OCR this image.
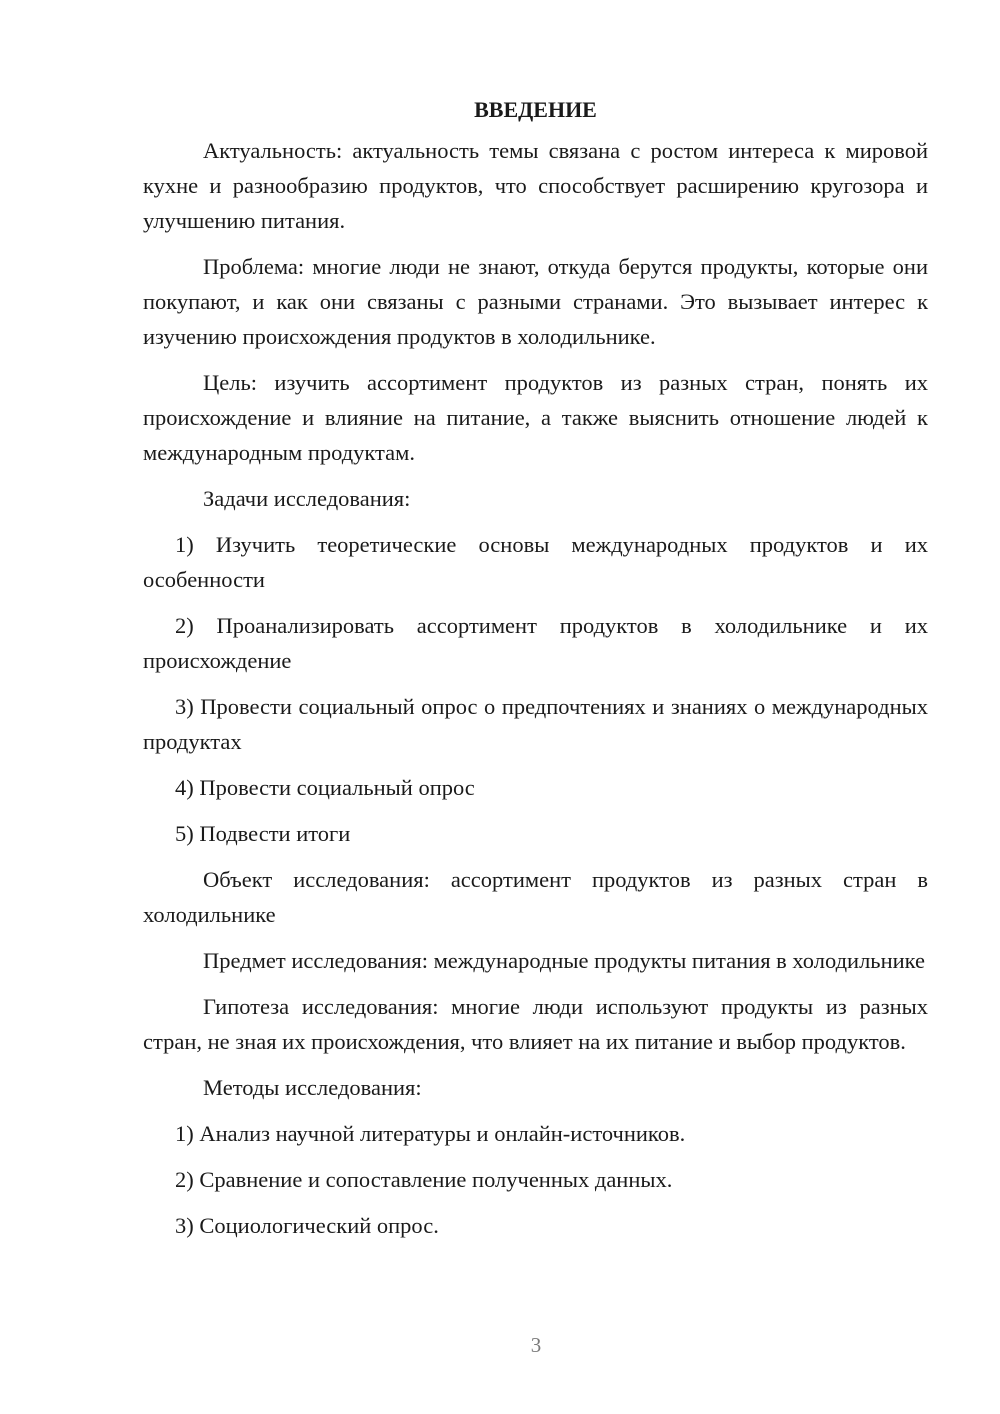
ВВЕДЕНИЕ

Актуальность: актуальность темы связана с ростом интереса к мировой кухне и разнообразию продуктов, что способствует расширению кругозора и улучшению питания.

Проблема: многие люди не знают, откуда берутся продукты, которые они покупают, и как они связаны с разными странами. Это вызывает интерес к изучению происхождения продуктов в холодильнике.

Цель: изучить ассортимент продуктов из разных стран, понять их происхождение и влияние на питание, а также выяснить отношение людей к международным продуктам.

Задачи исследования:

1) Изучить теоретические основы международных продуктов и их особенности

2) Проанализировать ассортимент продуктов в холодильнике и их происхождение

3) Провести социальный опрос о предпочтениях и знаниях о международных продуктах

4) Провести социальный опрос

5) Подвести итоги

Объект исследования: ассортимент продуктов из разных стран в холодильнике

Предмет исследования: международные продукты питания в холодильнике

Гипотеза исследования: многие люди используют продукты из разных стран, не зная их происхождения, что влияет на их питание и выбор продуктов.

Методы исследования:

1) Анализ научной литературы и онлайн-источников.

2) Сравнение и сопоставление полученных данных.

3) Социологический опрос.

3
